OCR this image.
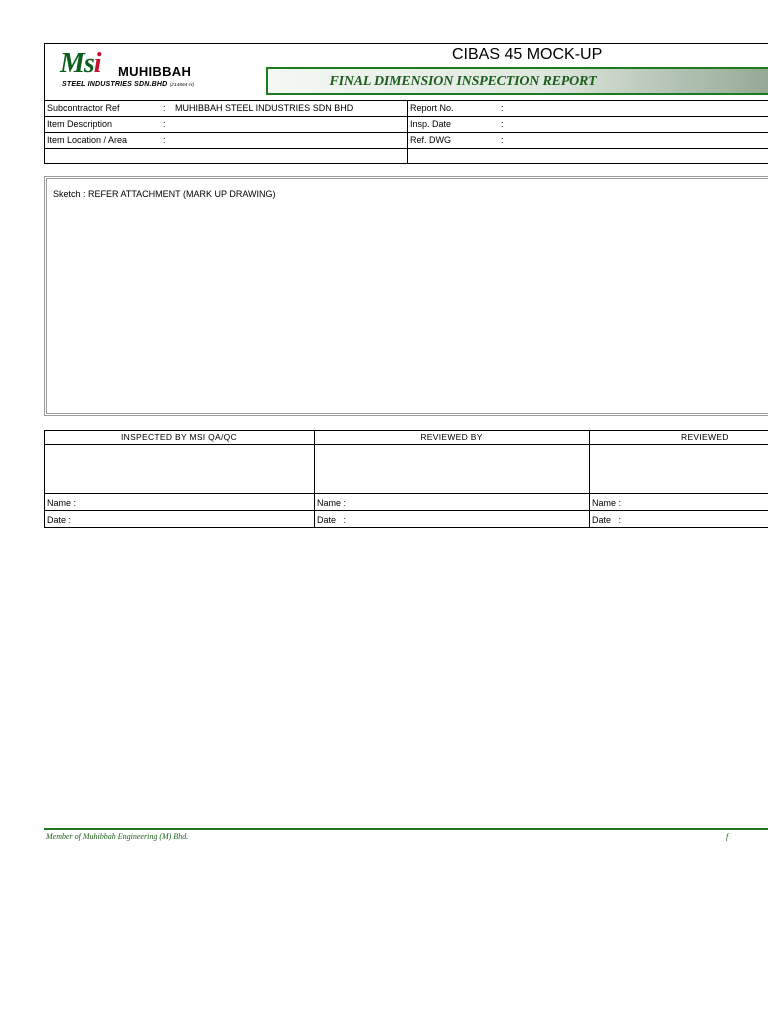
Msi MUHIBBAH
STEEL INDUSTRIES SDN.BHD (214864-H)
CIBAS 45 MOCK-UP
FINAL DIMENSION INSPECTION REPORT
Subcontractor Ref	: MUHIBBAH STEEL INDUSTRIES SDN BHD
Item Description	:
Item Location / Area	:
Report No.	:
Insp. Date	:
Ref. DWG	:
Sketch : REFER ATTACHMENT (MARK UP DRAWING)
INSPECTED BY MSI QA/QC	REVIEWED BY	REVIEWED
Name :	Name :	Name :
Date :	Date   :	Date   :
Member of Muhibbah Engineering (M) Bhd.	f
